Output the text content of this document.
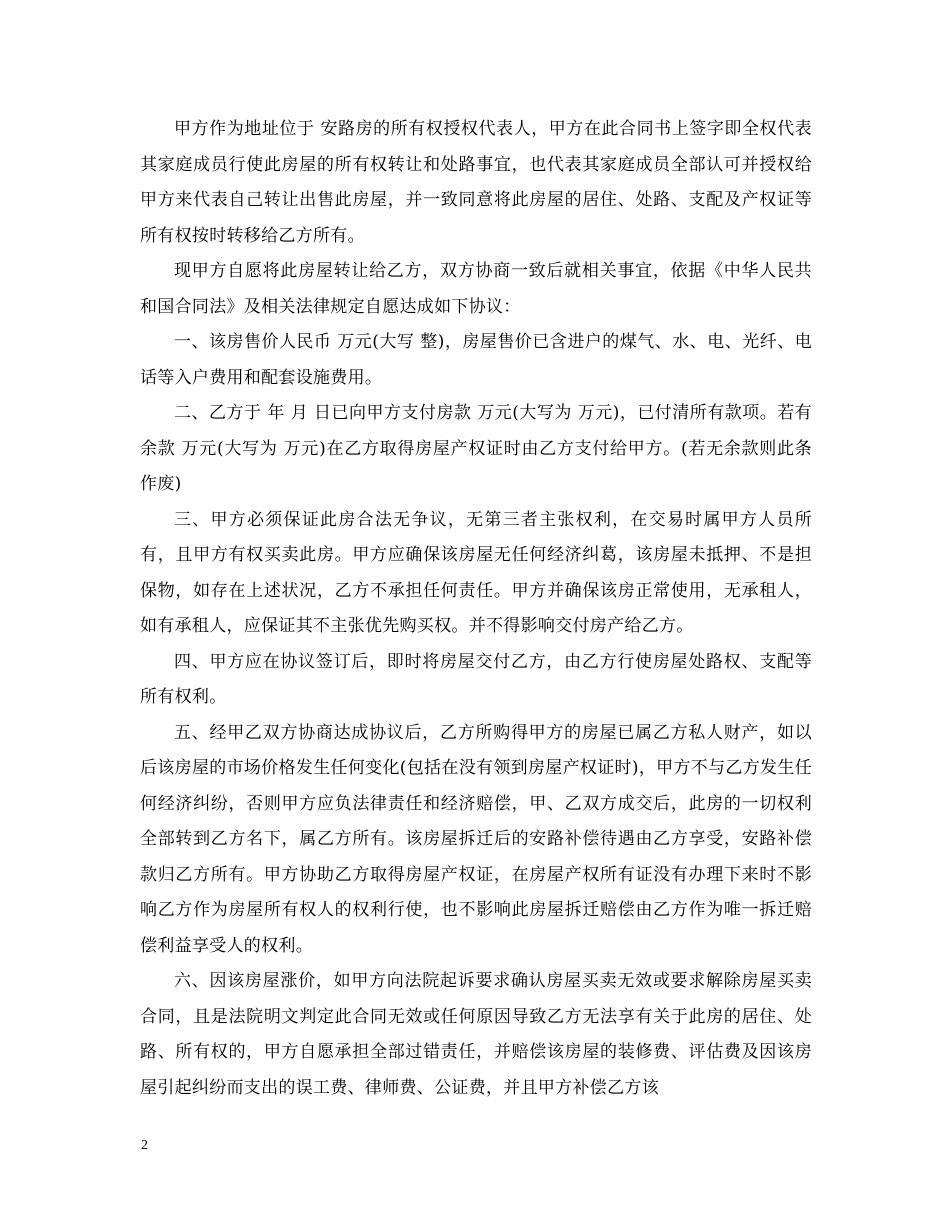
甲方作为地址位于 安路房的所有权授权代表人，甲方在此合同书上签字即全权代表其家庭成员行使此房屋的所有权转让和处路事宜，也代表其家庭成员全部认可并授权给甲方来代表自己转让出售此房屋，并一致同意将此房屋的居住、处路、支配及产权证等所有权按时转移给乙方所有。

现甲方自愿将此房屋转让给乙方，双方协商一致后就相关事宜，依据《中华人民共和国合同法》及相关法律规定自愿达成如下协议：

一、该房售价人民币 万元(大写 整)，房屋售价已含进户的煤气、水、电、光纤、电话等入户费用和配套设施费用。

二、乙方于 年 月 日已向甲方支付房款 万元(大写为 万元)，已付清所有款项。若有余款 万元(大写为 万元)在乙方取得房屋产权证时由乙方支付给甲方。(若无余款则此条作废)

三、甲方必须保证此房合法无争议，无第三者主张权利，在交易时属甲方人员所有，且甲方有权买卖此房。甲方应确保该房屋无任何经济纠葛，该房屋未抵押、不是担保物，如存在上述状况，乙方不承担任何责任。甲方并确保该房正常使用，无承租人，如有承租人，应保证其不主张优先购买权。并不得影响交付房产给乙方。

四、甲方应在协议签订后，即时将房屋交付乙方，由乙方行使房屋处路权、支配等所有权利。

五、经甲乙双方协商达成协议后，乙方所购得甲方的房屋已属乙方私人财产，如以后该房屋的市场价格发生任何变化(包括在没有领到房屋产权证时)，甲方不与乙方发生任何经济纠纷，否则甲方应负法律责任和经济赔偿，甲、乙双方成交后，此房的一切权利全部转到乙方名下，属乙方所有。该房屋拆迁后的安路补偿待遇由乙方享受，安路补偿款归乙方所有。甲方协助乙方取得房屋产权证，在房屋产权所有证没有办理下来时不影响乙方作为房屋所有权人的权利行使，也不影响此房屋拆迁赔偿由乙方作为唯一拆迁赔偿利益享受人的权利。

六、因该房屋涨价，如甲方向法院起诉要求确认房屋买卖无效或要求解除房屋买卖合同，且是法院明文判定此合同无效或任何原因导致乙方无法享有关于此房的居住、处路、所有权的，甲方自愿承担全部过错责任，并赔偿该房屋的装修费、评估费及因该房屋引起纠纷而支出的误工费、律师费、公证费，并且甲方补偿乙方该

2
